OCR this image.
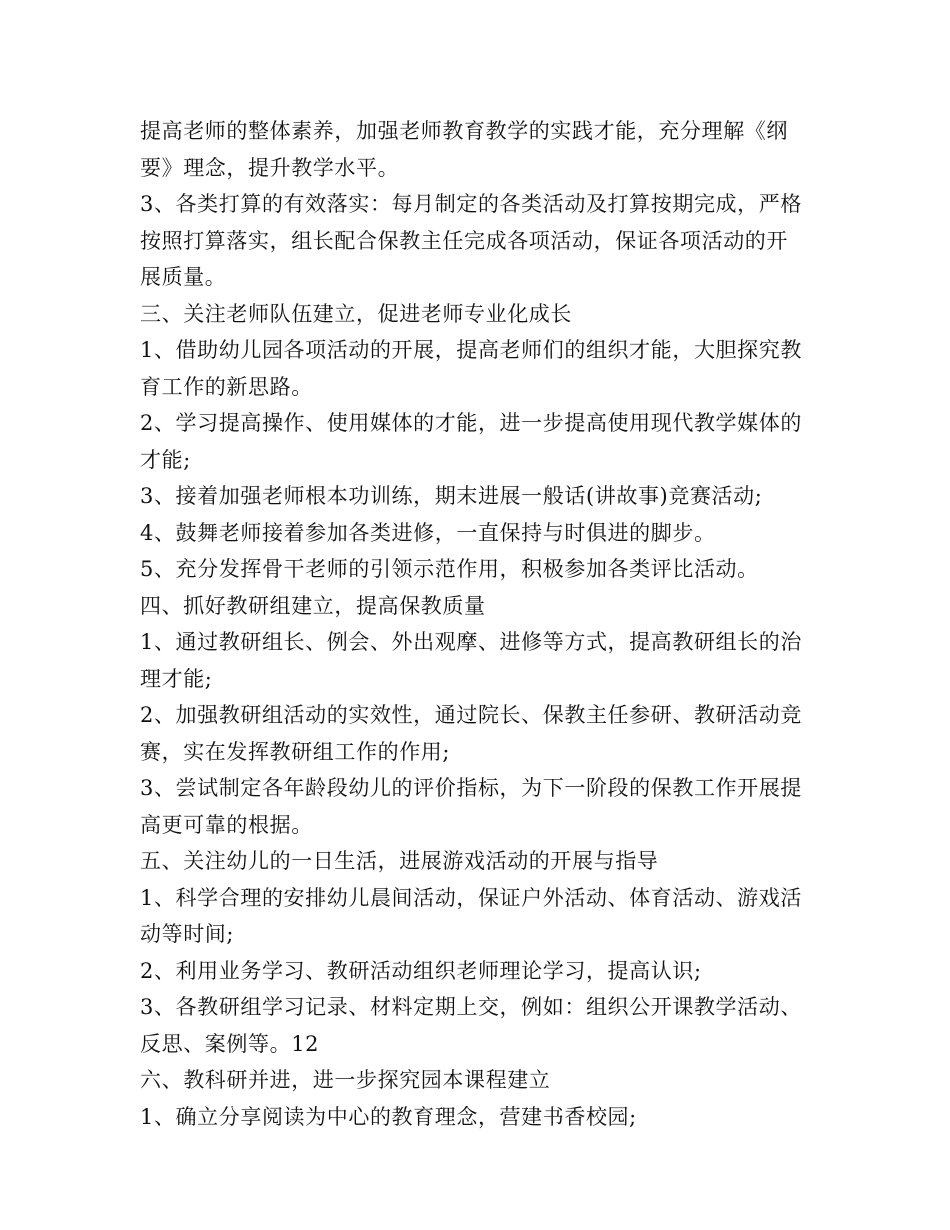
提高老师的整体素养，加强老师教育教学的实践才能，充分理解《纲
要》理念，提升教学水平。
3、各类打算的有效落实：每月制定的各类活动及打算按期完成，严格
按照打算落实，组长配合保教主任完成各项活动，保证各项活动的开
展质量。
三、关注老师队伍建立，促进老师专业化成长
1、借助幼儿园各项活动的开展，提高老师们的组织才能，大胆探究教
育工作的新思路。
2、学习提高操作、使用媒体的才能，进一步提高使用现代教学媒体的
才能;
3、接着加强老师根本功训练，期末进展一般话(讲故事)竞赛活动;
4、鼓舞老师接着参加各类进修，一直保持与时俱进的脚步。
5、充分发挥骨干老师的引领示范作用，积极参加各类评比活动。
四、抓好教研组建立，提高保教质量
1、通过教研组长、例会、外出观摩、进修等方式，提高教研组长的治
理才能;
2、加强教研组活动的实效性，通过院长、保教主任参研、教研活动竞
赛，实在发挥教研组工作的作用;
3、尝试制定各年龄段幼儿的评价指标，为下一阶段的保教工作开展提
高更可靠的根据。
五、关注幼儿的一日生活，进展游戏活动的开展与指导
1、科学合理的安排幼儿晨间活动，保证户外活动、体育活动、游戏活
动等时间;
2、利用业务学习、教研活动组织老师理论学习，提高认识;
3、各教研组学习记录、材料定期上交，例如：组织公开课教学活动、
反思、案例等。12
六、教科研并进，进一步探究园本课程建立
1、确立分享阅读为中心的教育理念，营建书香校园;
